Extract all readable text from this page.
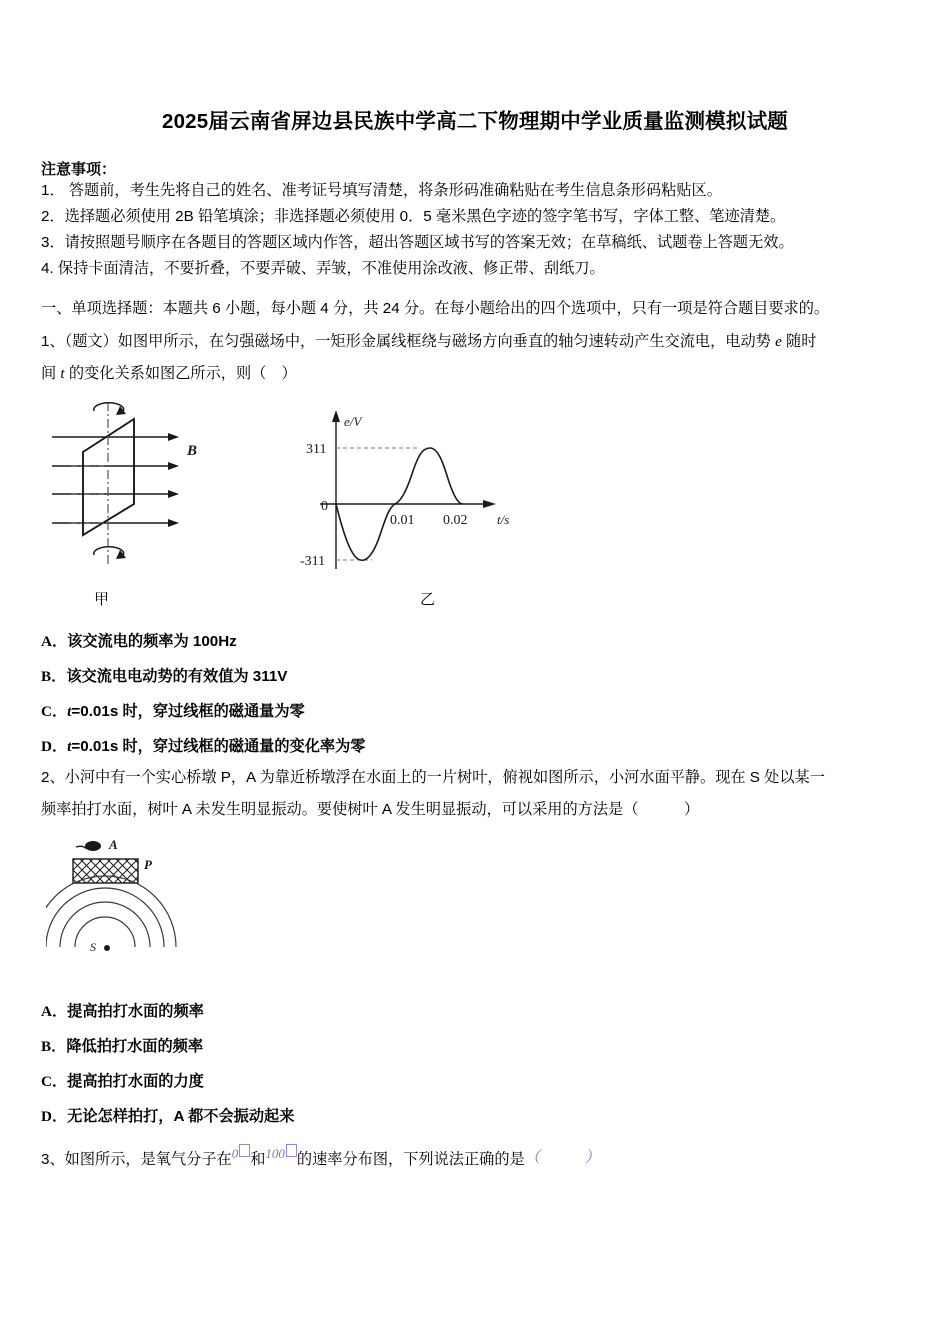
2025届云南省屏边县民族中学高二下物理期中学业质量监测模拟试题
注意事项：
1． 答题前，考生先将自己的姓名、准考证号填写清楚，将条形码准确粘贴在考生信息条形码粘贴区。
2．选择题必须使用 2B 铅笔填涂；非选择题必须使用 0．5 毫米黑色字迹的签字笔书写，字体工整、笔迹清楚。
3．请按照题号顺序在各题目的答题区域内作答，超出答题区域书写的答案无效；在草稿纸、试题卷上答题无效。
4. 保持卡面清洁，不要折叠，不要弄破、弄皱，不准使用涂改液、修正带、刮纸刀。
一、单项选择题：本题共 6 小题，每小题 4 分，共 24 分。在每小题给出的四个选项中，只有一项是符合题目要求的。
1、（题文）如图甲所示，在匀强磁场中，一矩形金属线框绕与磁场方向垂直的轴匀速转动产生交流电，电动势 e 随时
间 t 的变化关系如图乙所示，则（　）
B
甲
311
0
-311
0.01 0.02
e/V
t/s
乙
A．该交流电的频率为 100Hz
B．该交流电电动势的有效值为 311V
C．t=0.01s 时，穿过线框的磁通量为零
D．t=0.01s 时，穿过线框的磁通量的变化率为零
2、小河中有一个实心桥墩 P，A 为靠近桥墩浮在水面上的一片树叶，俯视如图所示，小河水面平静。现在 S 处以某一
频率拍打水面，树叶 A 未发生明显振动。要使树叶 A 发生明显振动，可以采用的方法是（　　　）
A
P
S
A．提高拍打水面的频率
B．降低拍打水面的频率
C．提高拍打水面的力度
D．无论怎样拍打，A 都不会振动起来
3、如图所示，是氧气分子在0 和100 的速率分布图，下列说法正确的是（　　　）
